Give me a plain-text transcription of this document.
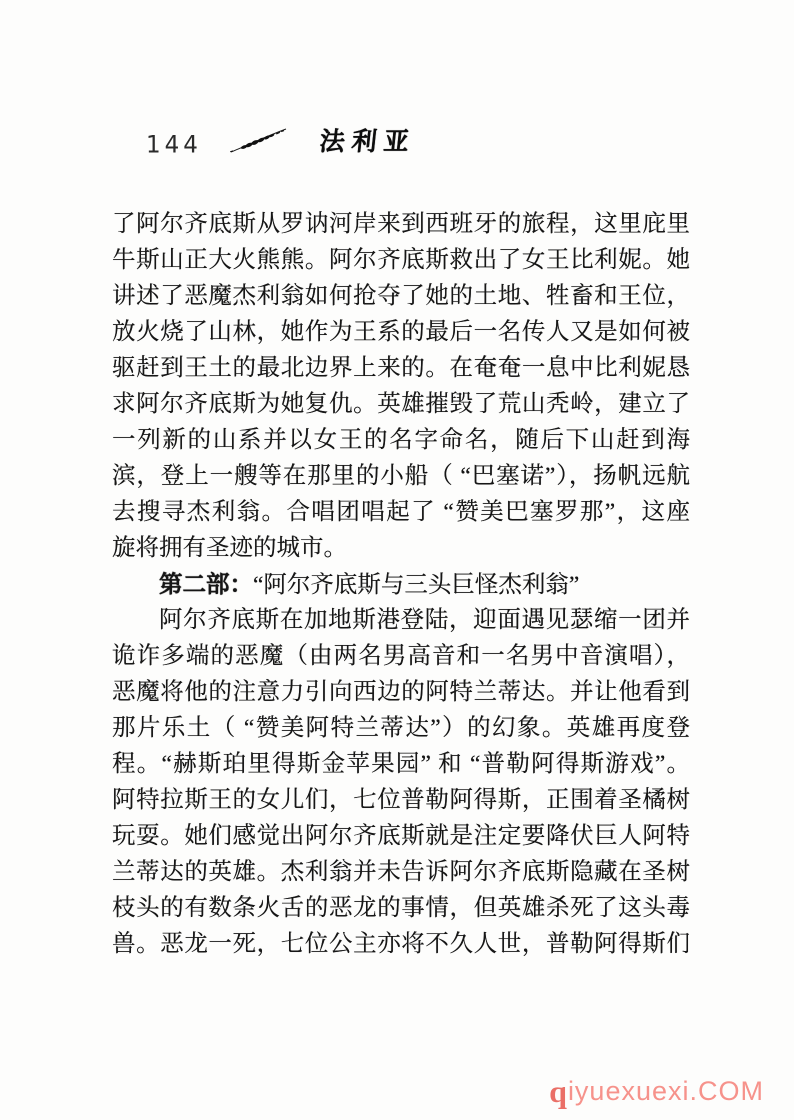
144	法利亚
了阿尔齐底斯从罗讷河岸来到西班牙的旅程，这里庇里
牛斯山正大火熊熊。阿尔齐底斯救出了女王比利妮。她
讲述了恶魔杰利翁如何抢夺了她的土地、牲畜和王位，
放火烧了山林，她作为王系的最后一名传人又是如何被
驱赶到王土的最北边界上来的。在奄奄一息中比利妮恳
求阿尔齐底斯为她复仇。英雄摧毁了荒山秃岭，建立了
一列新的山系并以女王的名字命名，随后下山赶到海
滨，登上一艘等在那里的小船（ “巴塞诺”），扬帆远航
去搜寻杰利翁。合唱团唱起了 “赞美巴塞罗那”，这座
旋将拥有圣迹的城市。
第二部：“阿尔齐底斯与三头巨怪杰利翁”
阿尔齐底斯在加地斯港登陆，迎面遇见瑟缩一团并
诡诈多端的恶魔（由两名男高音和一名男中音演唱），
恶魔将他的注意力引向西边的阿特兰蒂达。并让他看到
那片乐土（ “赞美阿特兰蒂达”）的幻象。英雄再度登
程。“赫斯珀里得斯金苹果园” 和 “普勒阿得斯游戏”。
阿特拉斯王的女儿们，七位普勒阿得斯，正围着圣橘树
玩耍。她们感觉出阿尔齐底斯就是注定要降伏巨人阿特
兰蒂达的英雄。杰利翁并未告诉阿尔齐底斯隐藏在圣树
枝头的有数条火舌的恶龙的事情，但英雄杀死了这头毒
兽。恶龙一死，七位公主亦将不久人世，普勒阿得斯们
qiyuexuexi.COM
